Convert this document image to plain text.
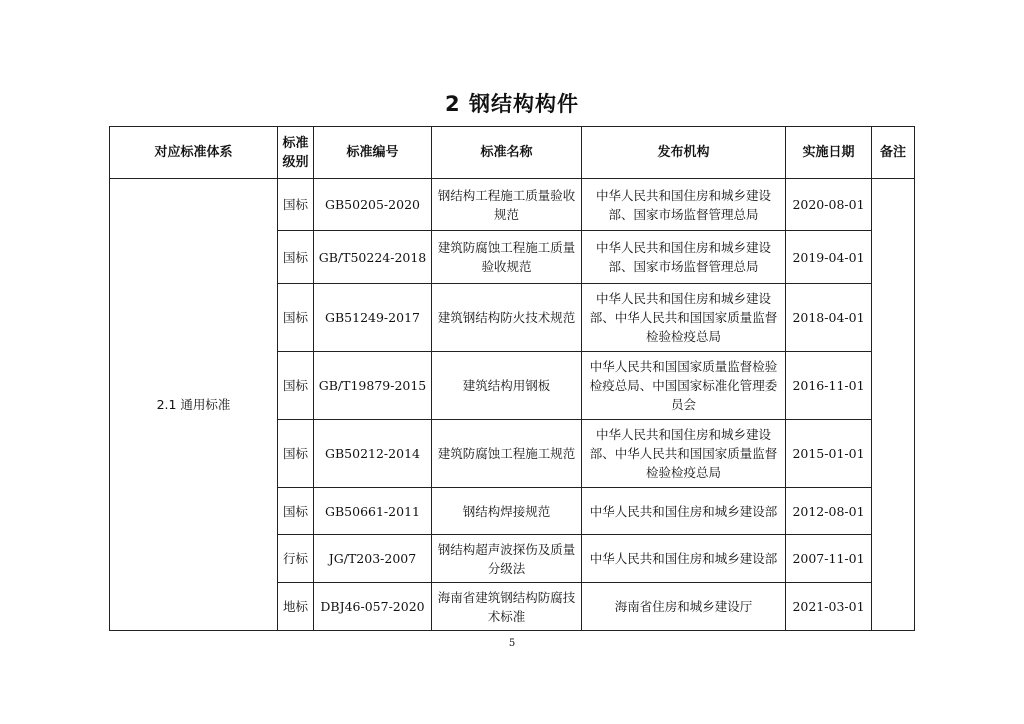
2 钢结构构件
对应标准体系	标准级别	标准编号	标准名称	发布机构	实施日期	备注
2.1 通用标准	国标	GB50205-2020	钢结构工程施工质量验收规范	中华人民共和国住房和城乡建设部、国家市场监督管理总局	2020-08-01	
	国标	GB/T50224-2018	建筑防腐蚀工程施工质量验收规范	中华人民共和国住房和城乡建设部、国家市场监督管理总局	2019-04-01	
	国标	GB51249-2017	建筑钢结构防火技术规范	中华人民共和国住房和城乡建设部、中华人民共和国国家质量监督检验检疫总局	2018-04-01	
	国标	GB/T19879-2015	建筑结构用钢板	中华人民共和国国家质量监督检验检疫总局、中国国家标准化管理委员会	2016-11-01	
	国标	GB50212-2014	建筑防腐蚀工程施工规范	中华人民共和国住房和城乡建设部、中华人民共和国国家质量监督检验检疫总局	2015-01-01	
	国标	GB50661-2011	钢结构焊接规范	中华人民共和国住房和城乡建设部	2012-08-01	
	行标	JG/T203-2007	钢结构超声波探伤及质量分级法	中华人民共和国住房和城乡建设部	2007-11-01	
	地标	DBJ46-057-2020	海南省建筑钢结构防腐技术标准	海南省住房和城乡建设厅	2021-03-01	
5
